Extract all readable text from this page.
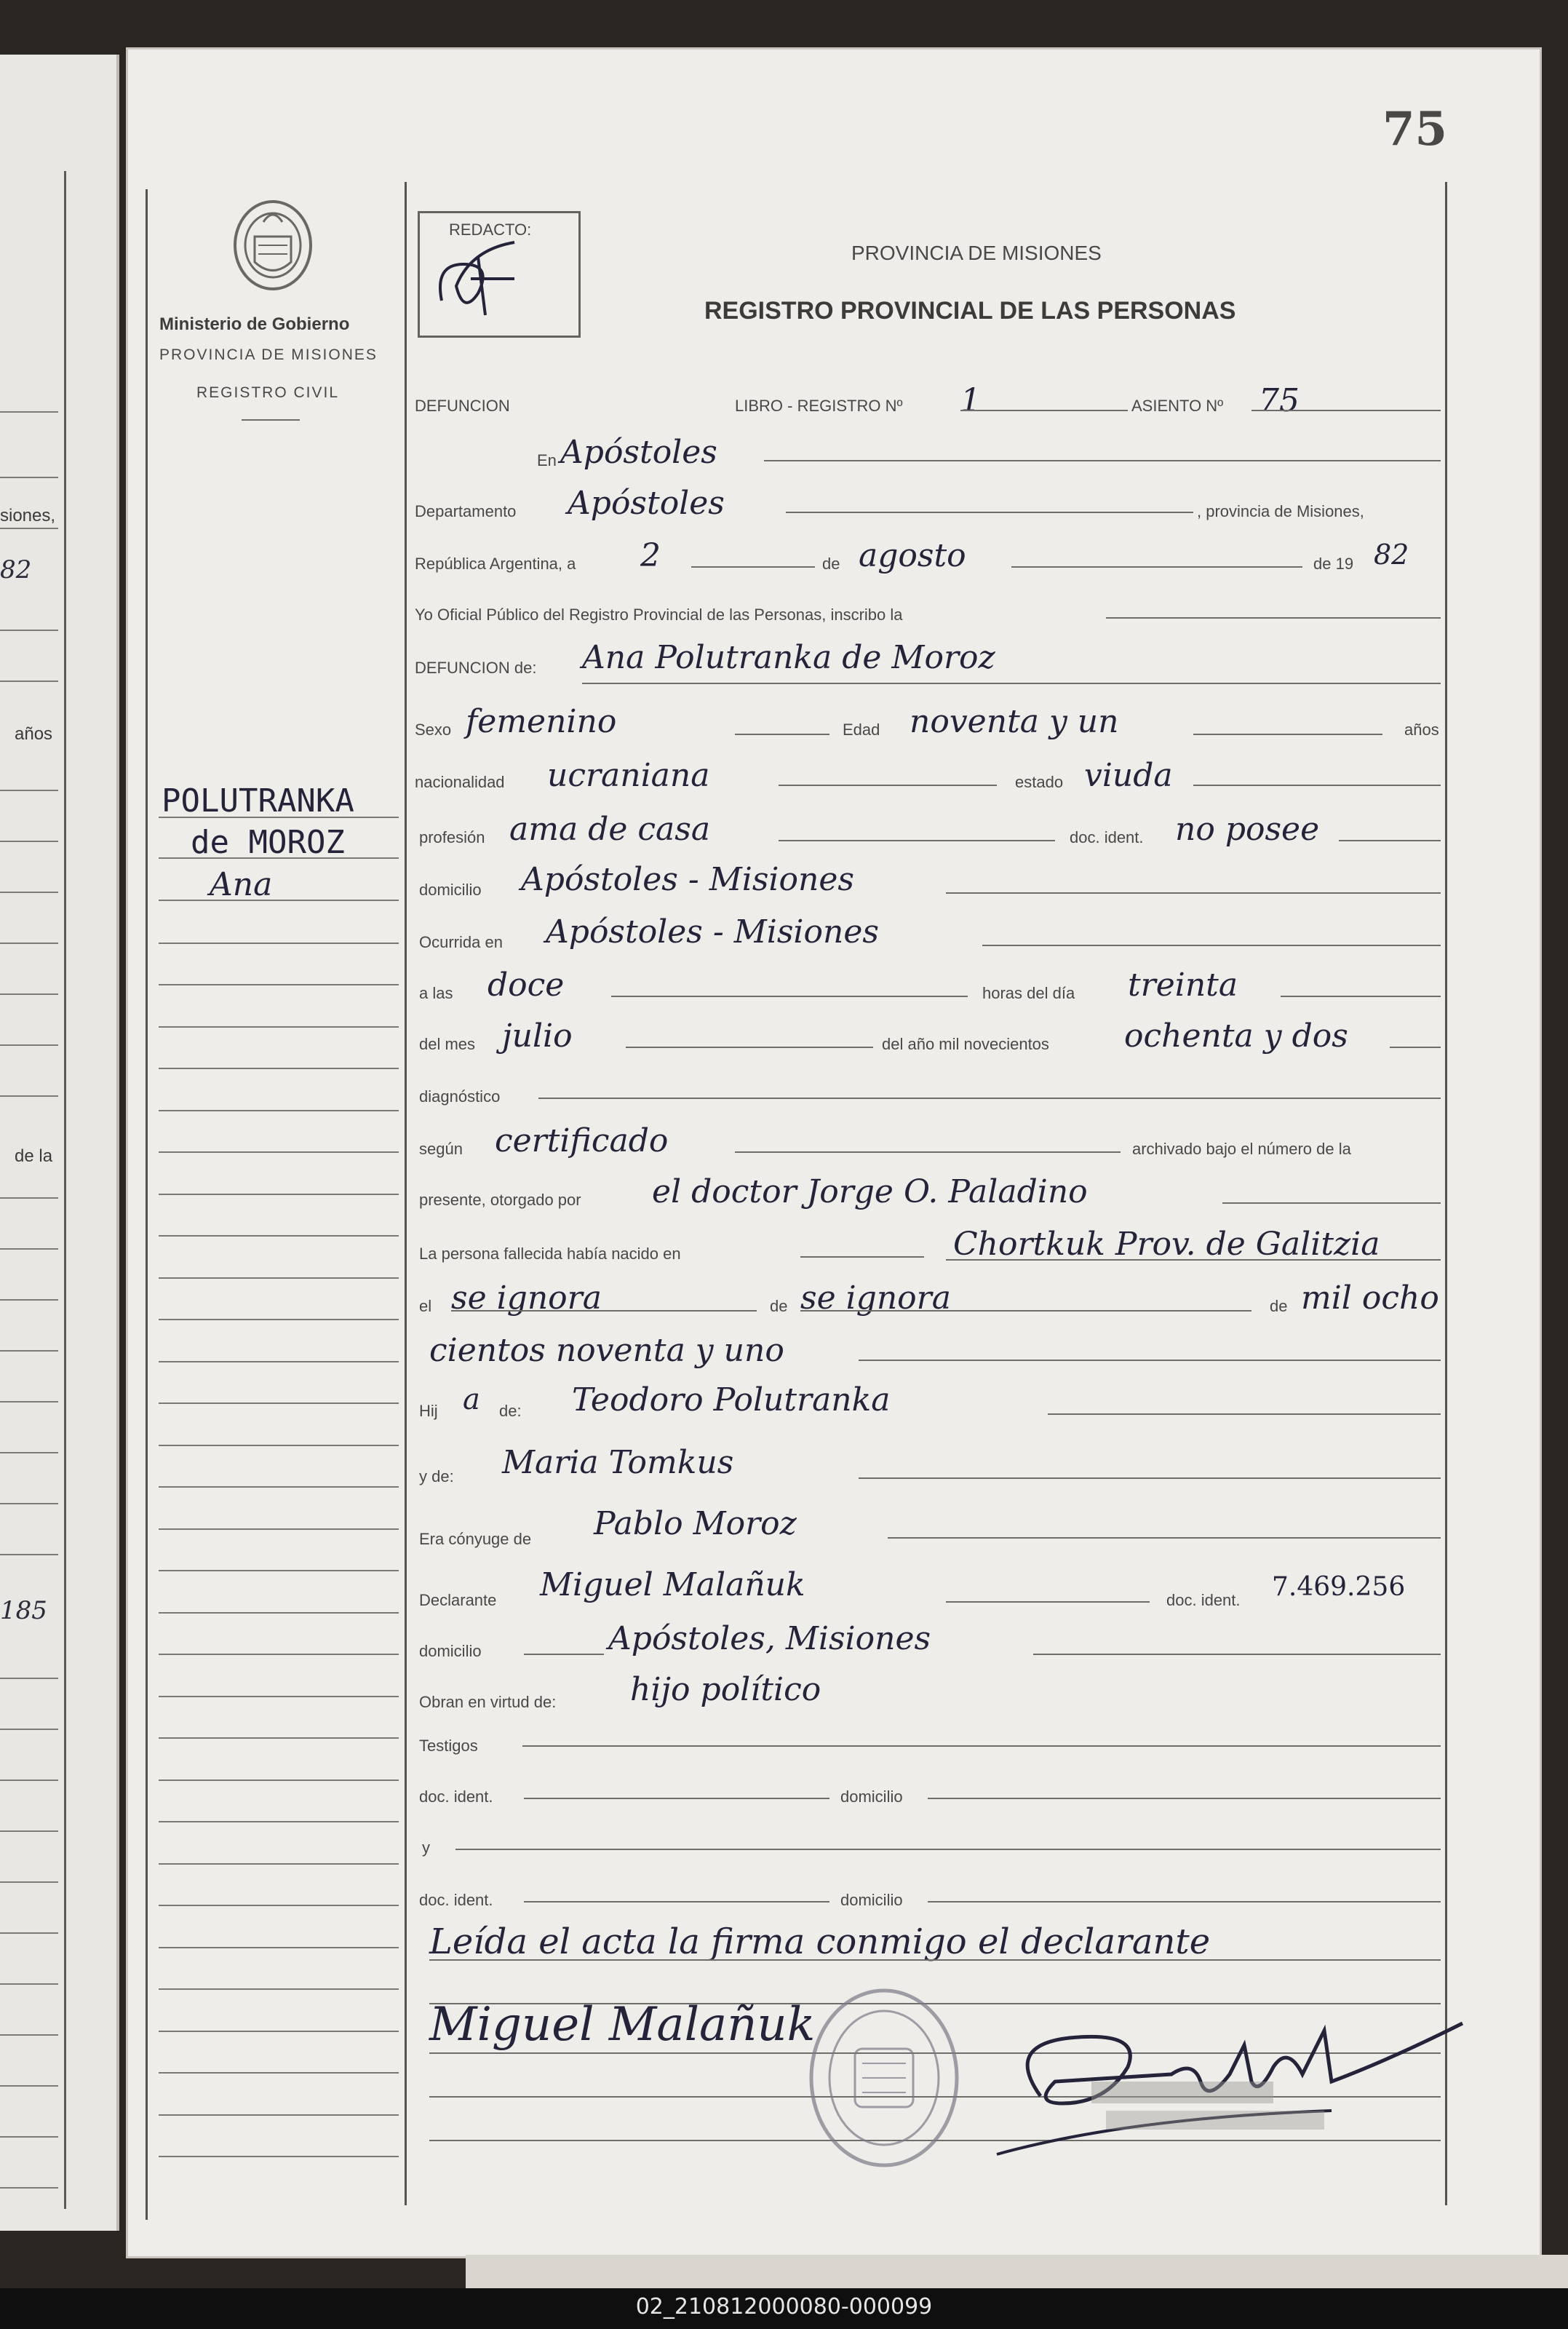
siones,
82
años
de la
185
75
Ministerio de Gobierno
PROVINCIA DE MISIONES
REGISTRO CIVIL
REDACTO:
PROVINCIA DE MISIONES
REGISTRO PROVINCIAL DE LAS PERSONAS
DEFUNCION	LIBRO - REGISTRO Nº 1	ASIENTO Nº 75
En Apóstoles
Departamento Apóstoles	, provincia de Misiones,
República Argentina, a 2	de agosto	de 19 82
Yo Oficial Público del Registro Provincial de las Personas, inscribo la
DEFUNCION de: Ana Polutranka de Moroz
Sexo femenino	Edad noventa y un	años
nacionalidad ucraniana	estado viuda
POLUTRANKA
de MOROZ
Ana
profesión ama de casa	doc. ident. no posee
domicilio Apóstoles - Misiones
Ocurrida en Apóstoles - Misiones
a las doce	horas del día treinta
del mes julio	del año mil novecientos ochenta y dos
diagnóstico
según certificado	archivado bajo el número de la
presente, otorgado por el doctor Jorge O. Paladino
La persona fallecida había nacido en	Chortkuk Prov. de Galitzia
el se ignora	de se ignora	de mil ocho
cientos noventa y uno
Hij a de: Teodoro Polutranka
y de: Maria Tomkus
Era cónyuge de Pablo Moroz
Declarante Miguel Malañuk	doc. ident. 7.469.256
domicilio	Apóstoles, Misiones
Obran en virtud de: hijo político
Testigos
doc. ident.	domicilio
y
doc. ident.	domicilio
Leída el acta la firma conmigo el declarante
Miguel Malañuk
02_210812000080-000099
